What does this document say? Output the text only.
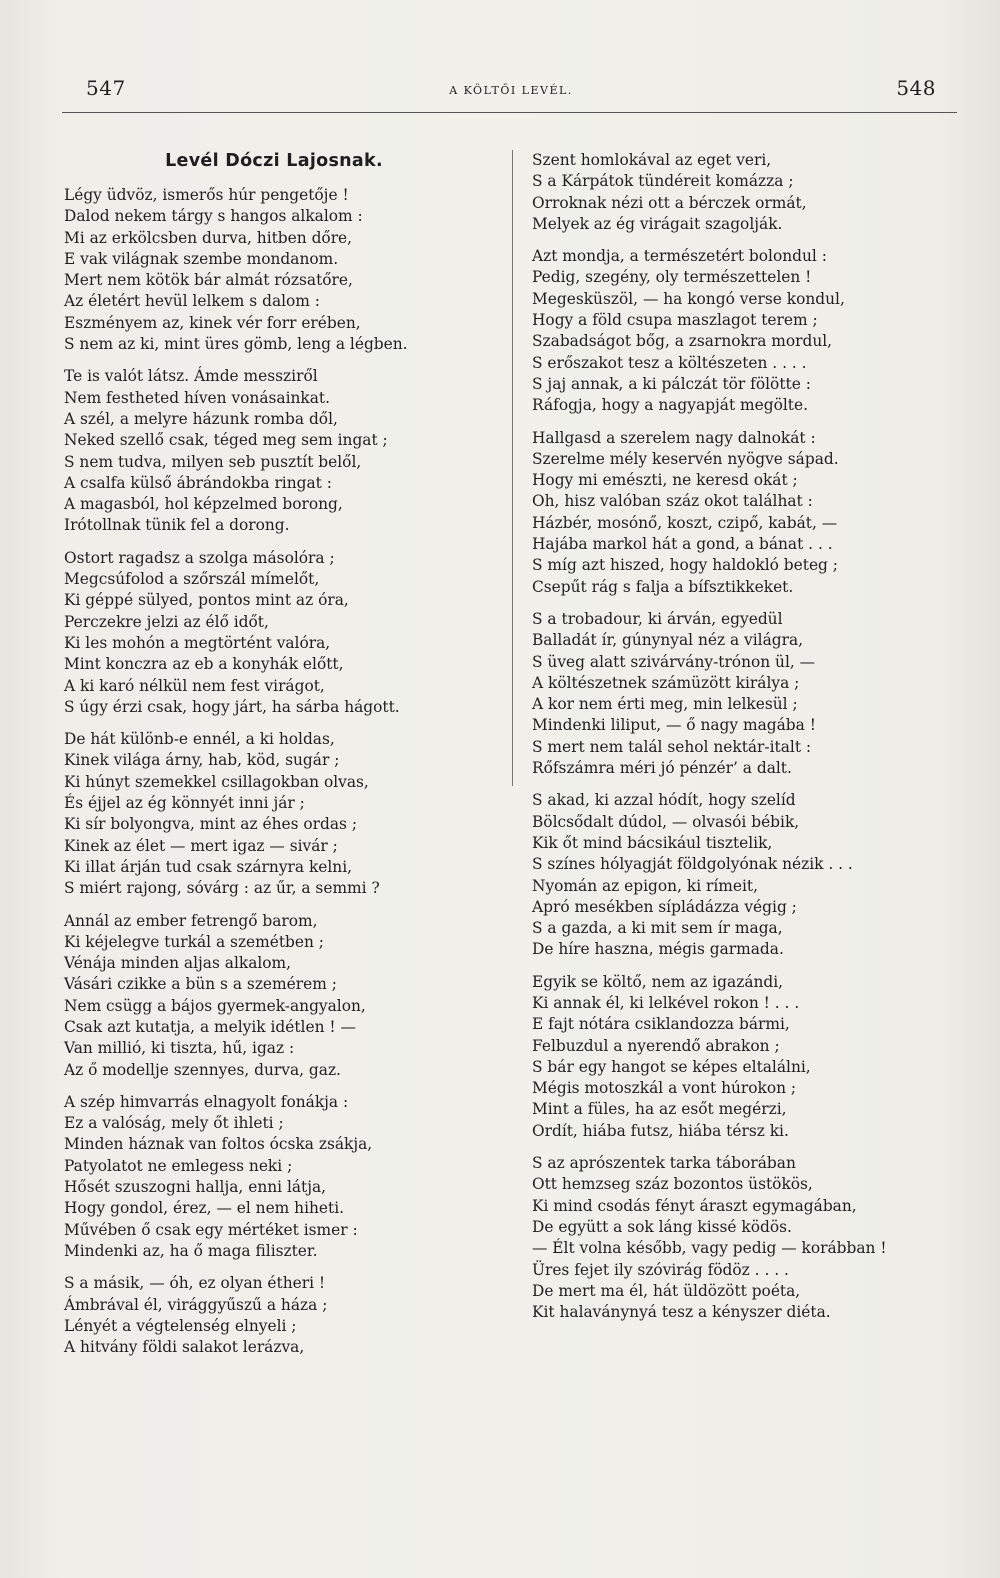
547	A KÖLTŐI LEVÉL.	548
Levél Dóczi Lajosnak.
Légy üdvöz, ismerős húr pengetője !
Dalod nekem tárgy s hangos alkalom :
Mi az erkölcsben durva, hitben dőre,
E vak világnak szembe mondanom.
Mert nem kötök bár almát rózsatőre,
Az életért hevül lelkem s dalom :
Eszményem az, kinek vér forr erében,
S nem az ki, mint üres gömb, leng a légben.
Te is valót látsz. Ámde messziről
Nem festheted híven vonásainkat.
A szél, a melyre házunk romba dől,
Neked szellő csak, téged meg sem ingat ;
S nem tudva, milyen seb pusztít belől,
A csalfa külső ábrándokba ringat :
A magasból, hol képzelmed borong,
Irótollnak tünik fel a dorong.
Ostort ragadsz a szolga másolóra ;
Megcsúfolod a szőrszál mímelőt,
Ki géppé sülyed, pontos mint az óra,
Perczekre jelzi az élő időt,
Ki les mohón a megtörtént valóra,
Mint konczra az eb a konyhák előtt,
A ki karó nélkül nem fest virágot,
S úgy érzi csak, hogy járt, ha sárba hágott.
De hát különb-e ennél, a ki holdas,
Kinek világa árny, hab, köd, sugár ;
Ki húnyt szemekkel csillagokban olvas,
És éjjel az ég könnyét inni jár ;
Ki sír bolyongva, mint az éhes ordas ;
Kinek az élet — mert igaz — sivár ;
Ki illat árján tud csak szárnyra kelni,
S miért rajong, sóvárg : az űr, a semmi ?
Annál az ember fetrengő barom,
Ki kéjelegve turkál a szemétben ;
Vénája minden aljas alkalom,
Vásári czikke a bün s a szemérem ;
Nem csügg a bájos gyermek-angyalon,
Csak azt kutatja, a melyik idétlen ! —
Van millió, ki tiszta, hű, igaz :
Az ő modellje szennyes, durva, gaz.
A szép himvarrás elnagyolt fonákja :
Ez a valóság, mely őt ihleti ;
Minden háznak van foltos ócska zsákja,
Patyolatot ne emlegess neki ;
Hősét szuszogni hallja, enni látja,
Hogy gondol, érez, — el nem hiheti.
Művében ő csak egy mértéket ismer :
Mindenki az, ha ő maga filiszter.
S a másik, — óh, ez olyan étheri !
Ámbrával él, virággyűszű a háza ;
Lényét a végtelenség elnyeli ;
A hitvány földi salakot lerázva,
Szent homlokával az eget veri,
S a Kárpátok tündéreit komázza ;
Orroknak nézi ott a bérczek ormát,
Melyek az ég virágait szagolják.
Azt mondja, a természetért bolondul :
Pedig, szegény, oly természettelen !
Megesküszöl, — ha kongó verse kondul,
Hogy a föld csupa maszlagot terem ;
Szabadságot bőg, a zsarnokra mordul,
S erőszakot tesz a költészeten . . . .
S jaj annak, a ki pálczát tör fölötte :
Ráfogja, hogy a nagyapját megölte.
Hallgasd a szerelem nagy dalnokát :
Szerelme mély keservén nyögve sápad.
Hogy mi emészti, ne keresd okát ;
Oh, hisz valóban száz okot találhat :
Házbér, mosónő, koszt, czipő, kabát, —
Hajába markol hát a gond, a bánat . . .
S míg azt hiszed, hogy haldokló beteg ;
Csepűt rág s falja a bífsztikkeket.
S a trobadour, ki árván, egyedül
Balladát ír, gúnynyal néz a világra,
S üveg alatt szivárvány-trónon ül, —
A költészetnek számüzött királya ;
A kor nem érti meg, min lelkesül ;
Mindenki liliput, — ő nagy magába !
S mert nem talál sehol nektár-italt :
Rőfszámra méri jó pénzér’ a dalt.
S akad, ki azzal hódít, hogy szelíd
Bölcsődalt dúdol, — olvasói bébik,
Kik őt mind bácsikául tisztelik,
S színes hólyagját földgolyónak nézik . . .
Nyomán az epigon, ki rímeit,
Apró mesékben sípládázza végig ;
S a gazda, a ki mit sem ír maga,
De híre haszna, mégis garmada.
Egyik se költő, nem az igazándi,
Ki annak él, ki lelkével rokon ! . . .
E fajt nótára csiklandozza bármi,
Felbuzdul a nyerendő abrakon ;
S bár egy hangot se képes eltalálni,
Mégis motoszkál a vont húrokon ;
Mint a füles, ha az esőt megérzi,
Ordít, hiába futsz, hiába térsz ki.
S az aprószentek tarka táborában
Ott hemzseg száz bozontos üstökös,
Ki mind csodás fényt áraszt egymagában,
De együtt a sok láng kissé ködös.
— Élt volna később, vagy pedig — korábban !
Üres fejet ily szóvirág födöz . . . .
De mert ma él, hát üldözött poéta,
Kit halaványnyá tesz a kényszer diéta.
